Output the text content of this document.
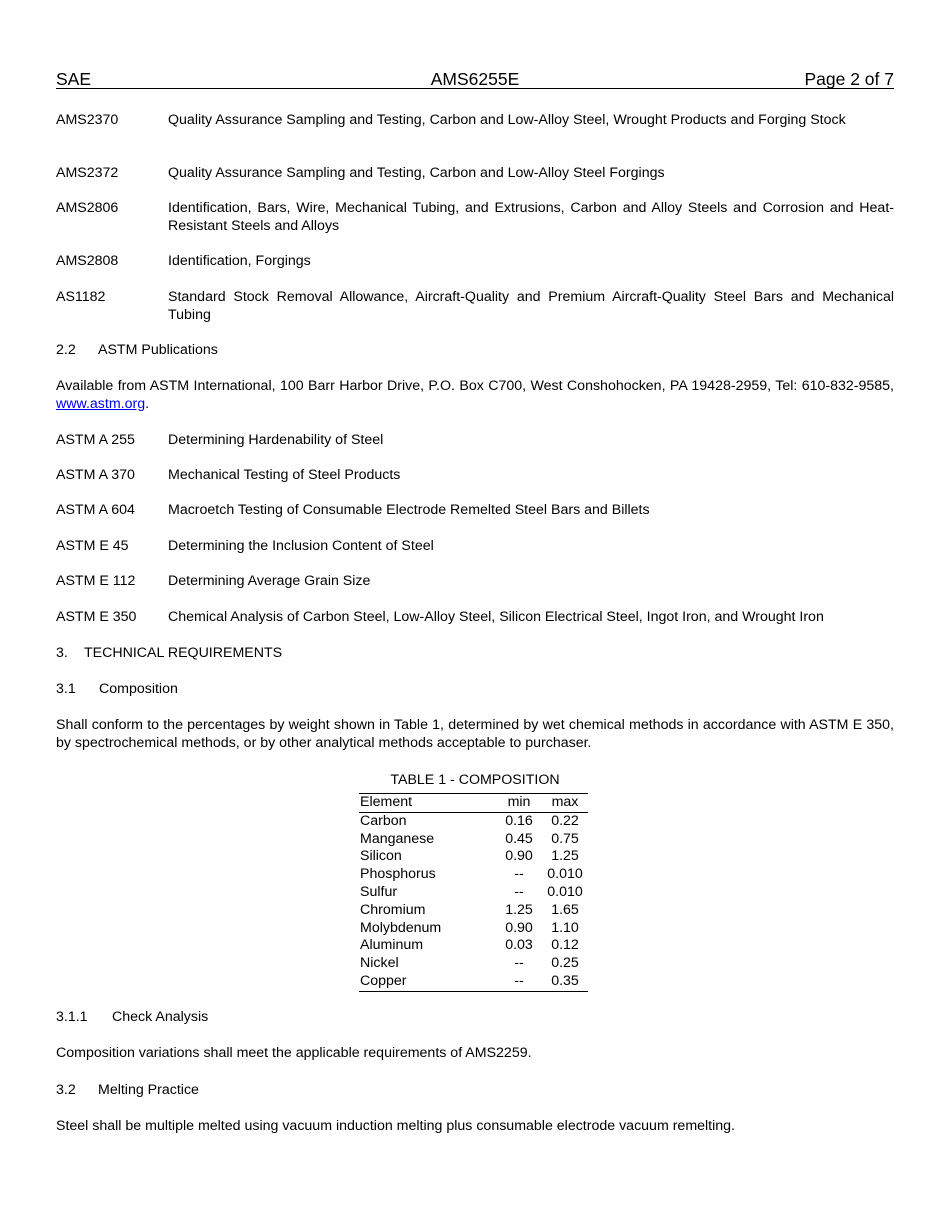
SAE	AMS6255E	Page 2 of 7
AMS2370	Quality Assurance Sampling and Testing, Carbon and Low-Alloy Steel, Wrought Products and Forging Stock
AMS2372	Quality Assurance Sampling and Testing, Carbon and Low-Alloy Steel Forgings
AMS2806	Identification, Bars, Wire, Mechanical Tubing, and Extrusions, Carbon and Alloy Steels and Corrosion and Heat-Resistant Steels and Alloys
AMS2808	Identification, Forgings
AS1182	Standard Stock Removal Allowance, Aircraft-Quality and Premium Aircraft-Quality Steel Bars and Mechanical Tubing
2.2 ASTM Publications
Available from ASTM International, 100 Barr Harbor Drive, P.O. Box C700, West Conshohocken, PA 19428-2959, Tel: 610-832-9585, www.astm.org.
ASTM A 255 Determining Hardenability of Steel
ASTM A 370 Mechanical Testing of Steel Products
ASTM A 604 Macroetch Testing of Consumable Electrode Remelted Steel Bars and Billets
ASTM E 45	Determining the Inclusion Content of Steel
ASTM E 112 Determining Average Grain Size
ASTM E 350 Chemical Analysis of Carbon Steel, Low-Alloy Steel, Silicon Electrical Steel, Ingot Iron, and Wrought Iron
3. TECHNICAL REQUIREMENTS
3.1 Composition
Shall conform to the percentages by weight shown in Table 1, determined by wet chemical methods in accordance with ASTM E 350, by spectrochemical methods, or by other analytical methods acceptable to purchaser.
TABLE 1 - COMPOSITION
Element	min	max
Carbon	0.16	0.22
Manganese	0.45	0.75
Silicon	0.90	1.25
Phosphorus	--	0.010
Sulfur	--	0.010
Chromium	1.25	1.65
Molybdenum	0.90	1.10
Aluminum	0.03	0.12
Nickel	--	0.25
Copper	--	0.35
3.1.1 Check Analysis
Composition variations shall meet the applicable requirements of AMS2259.
3.2 Melting Practice
Steel shall be multiple melted using vacuum induction melting plus consumable electrode vacuum remelting.
